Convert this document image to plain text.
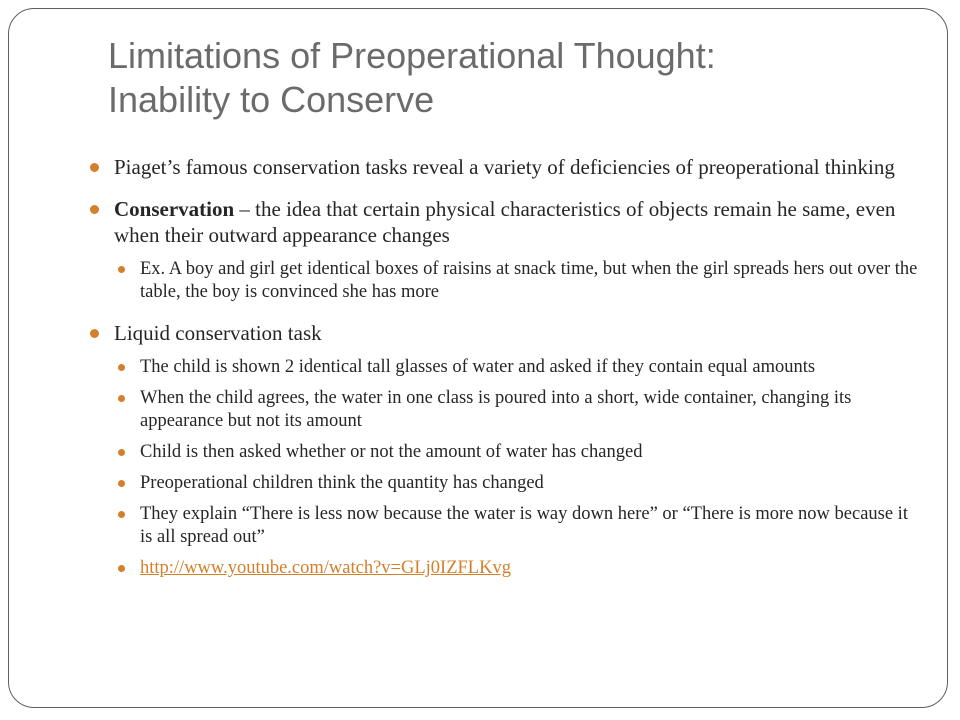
Limitations of Preoperational Thought:
Inability to Conserve
Piaget’s famous conservation tasks reveal a variety of deficiencies of preoperational thinking
Conservation – the idea that certain physical characteristics of objects remain he same, even when their outward appearance changes
Ex. A boy and girl get identical boxes of raisins at snack time, but when the girl spreads hers out over the table, the boy is convinced she has more
Liquid conservation task
The child is shown 2 identical tall glasses of water and asked if they contain equal amounts
When the child agrees, the water in one class is poured into a short, wide container, changing its appearance but not its amount
Child is then asked whether or not the amount of water has changed
Preoperational children think the quantity has changed
They explain “There is less now because the water is way down here” or “There is more now because it is all spread out”
http://www.youtube.com/watch?v=GLj0IZFLKvg
